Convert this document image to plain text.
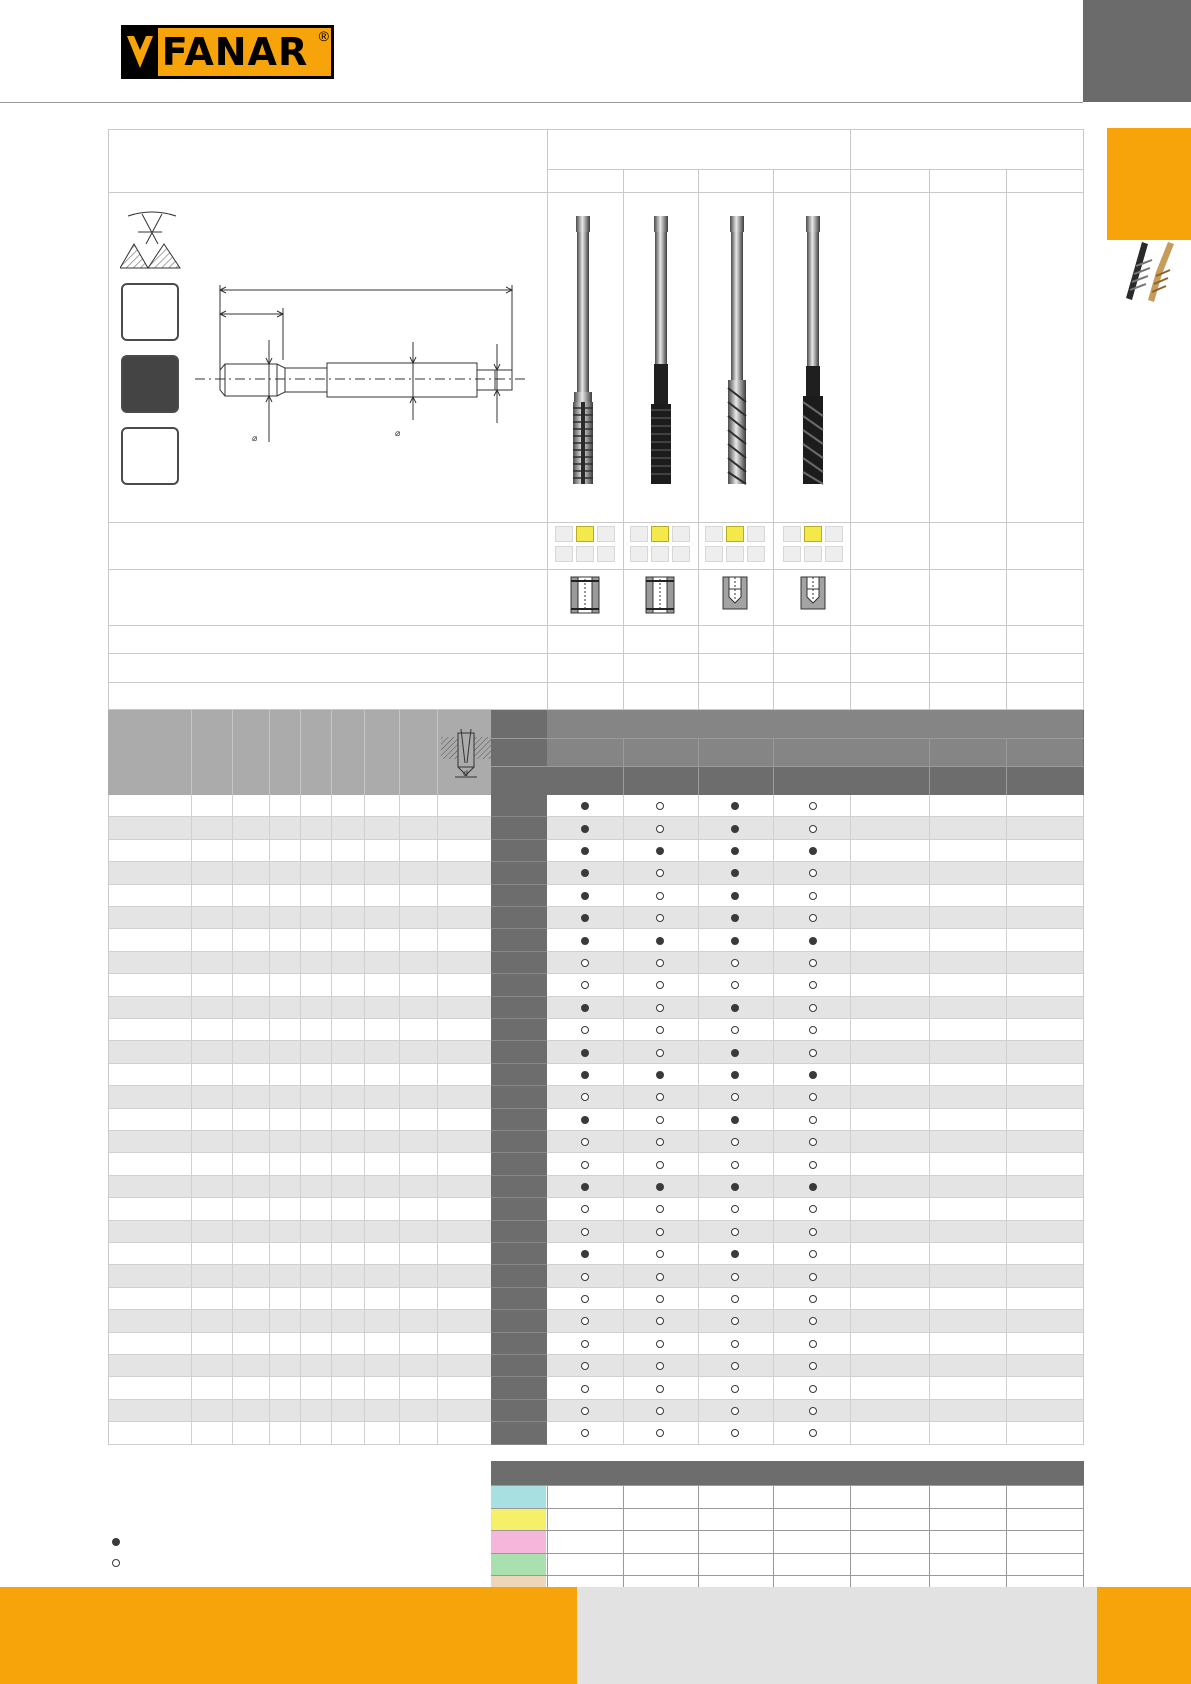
FANAR ®
⌀	⌀
d
